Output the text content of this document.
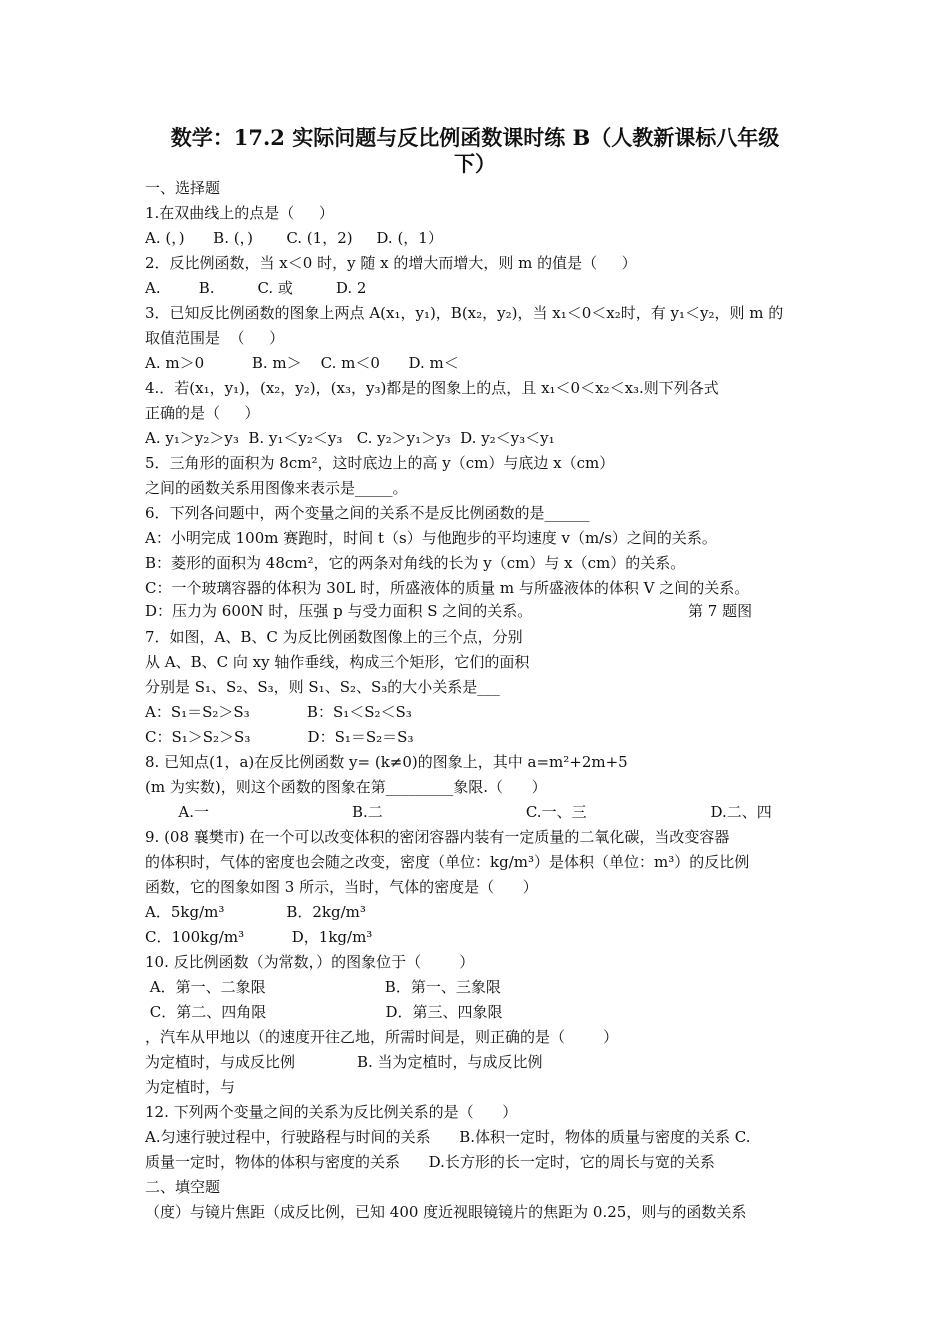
数学：17.2 实际问题与反比例函数课时练 B（人教新课标八年级
下）
一、选择题
1.在双曲线上的点是（　  ）
A. (，)      B. (，)       C. (1，2)     D. (，1）
2．反比例函数，当 x＜0 时，y 随 x 的增大而增大，则 m 的值是（　  ）
A.        B.         C. 或         D. 2
3．已知反比例函数的图象上两点 A(x₁，y₁)，B(x₂，y₂)，当 x₁＜0＜x₂时，有 y₁＜y₂，则 m 的
取值范围是  （　  ）
A. m＞0          B. m＞    C. m＜0      D. m＜
4.．若(x₁，y₁)，(x₂，y₂)，(x₃，y₃)都是的图象上的点，且 x₁＜0＜x₂＜x₃.则下列各式
正确的是（　  ）
A. y₁＞y₂＞y₃  B. y₁＜y₂＜y₃   C. y₂＞y₁＞y₃  D. y₂＜y₃＜y₁
5．三角形的面积为 8cm²，这时底边上的高 y（cm）与底边 x（cm）
之间的函数关系用图像来表示是_____。
6．下列各问题中，两个变量之间的关系不是反比例函数的是______
A：小明完成 100m 赛跑时，时间 t（s）与他跑步的平均速度 v（m/s）之间的关系。
B：菱形的面积为 48cm²，它的两条对角线的长为 y（cm）与 x（cm）的关系。
C：一个玻璃容器的体积为 30L 时，所盛液体的质量 m 与所盛液体的体积 V 之间的关系。
D：压力为 600N 时，压强 p 与受力面积 S 之间的关系。	第 7 题图
7．如图，A、B、C 为反比例函数图像上的三个点，分别
从 A、B、C 向 xy 轴作垂线，构成三个矩形，它们的面积
分别是 S₁、S₂、S₃，则 S₁、S₂、S₃的大小关系是___
A：S₁＝S₂＞S₃            B：S₁＜S₂＜S₃
C：S₁＞S₂＞S₃            D：S₁＝S₂＝S₃
8. 已知点(1，a)在反比例函数 y= (k≠0)的图象上，其中 a=m²+2m+5
(m 为实数)，则这个函数的图象在第_________象限.（      ）
A.一                              B.二                              C.一、三                          D.二、四
9. (08 襄樊市) 在一个可以改变体积的密闭容器内装有一定质量的二氧化碳，当改变容器
的体积时，气体的密度也会随之改变，密度（单位：kg/m³）是体积（单位：m³）的反比例
函数，它的图象如图 3 所示，当时，气体的密度是（      ）
A．5kg/m³             B．2kg/m³
C．100kg/m³          D，1kg/m³
10. 反比例函数（为常数，）的图象位于（        ）
A．第一、二象限                         B．第一、三象限
C．第二、四角限                         D．第三、四象限
，汽车从甲地以（的速度开往乙地，所需时间是，则正确的是（        ）
为定植时，与成反比例             B. 当为定植时，与成反比例
为定植时，与
12. 下列两个变量之间的关系为反比例关系的是（      ）
A.匀速行驶过程中，行驶路程与时间的关系      B.体积一定时，物体的质量与密度的关系 C.
质量一定时，物体的体积与密度的关系      D.长方形的长一定时，它的周长与宽的关系
二、填空题
（度）与镜片焦距（成反比例，已知 400 度近视眼镜镜片的焦距为 0.25，则与的函数关系
